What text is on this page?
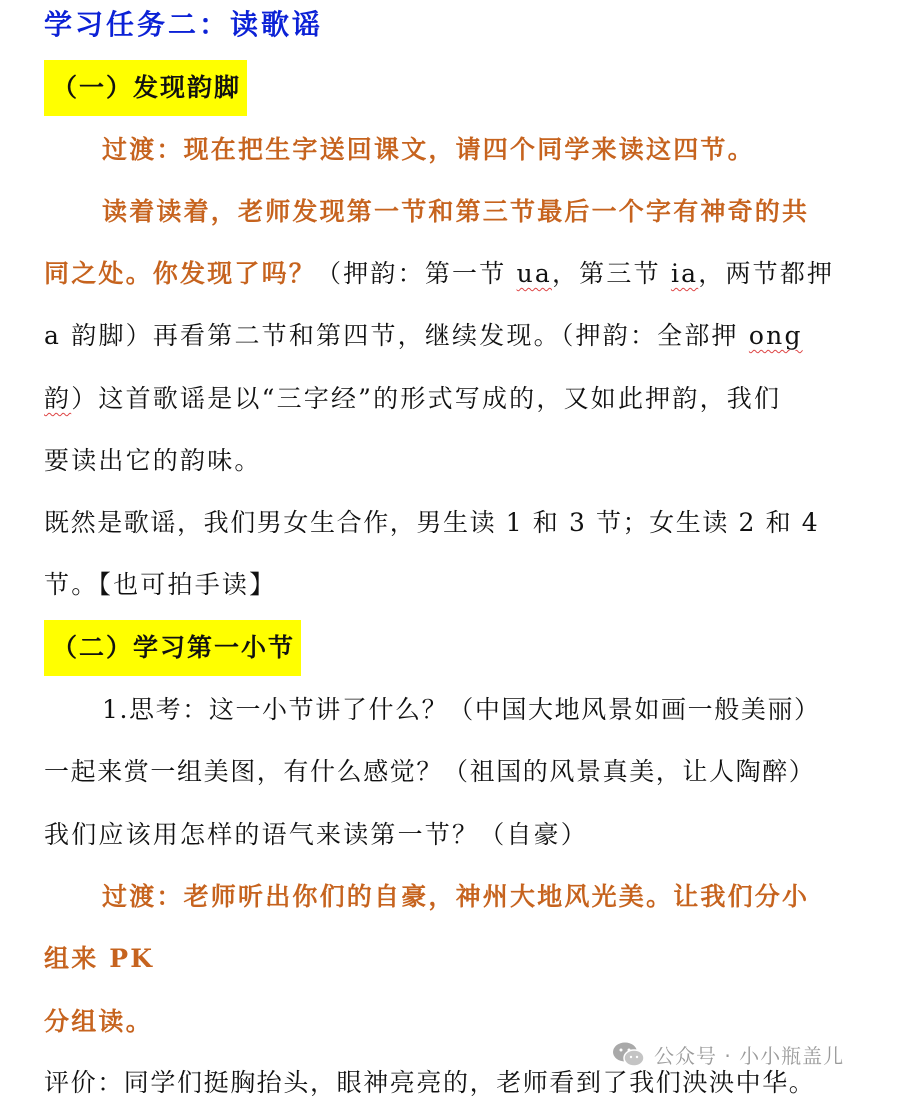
学习任务二：读歌谣
（一）发现韵脚
过渡：现在把生字送回课文，请四个同学来读这四节。
读着读着，老师发现第一节和第三节最后一个字有神奇的共
同之处。你发现了吗？（押韵：第一节 ua，第三节 ia，两节都押
a 韵脚）再看第二节和第四节，继续发现。（押韵：全部押 ong
韵）这首歌谣是以“三字经”的形式写成的，又如此押韵，我们
要读出它的韵味。
既然是歌谣，我们男女生合作，男生读 1 和 3 节；女生读 2 和 4
节。【也可拍手读】
（二）学习第一小节
1.思考：这一小节讲了什么？（中国大地风景如画一般美丽）
一起来赏一组美图，有什么感觉？（祖国的风景真美，让人陶醉）
我们应该用怎样的语气来读第一节？（自豪）
过渡：老师听出你们的自豪，神州大地风光美。让我们分小
组来 PK
分组读。
评价：同学们挺胸抬头，眼神亮亮的，老师看到了我们泱泱中华。
公众号 · 小小瓶盖儿
